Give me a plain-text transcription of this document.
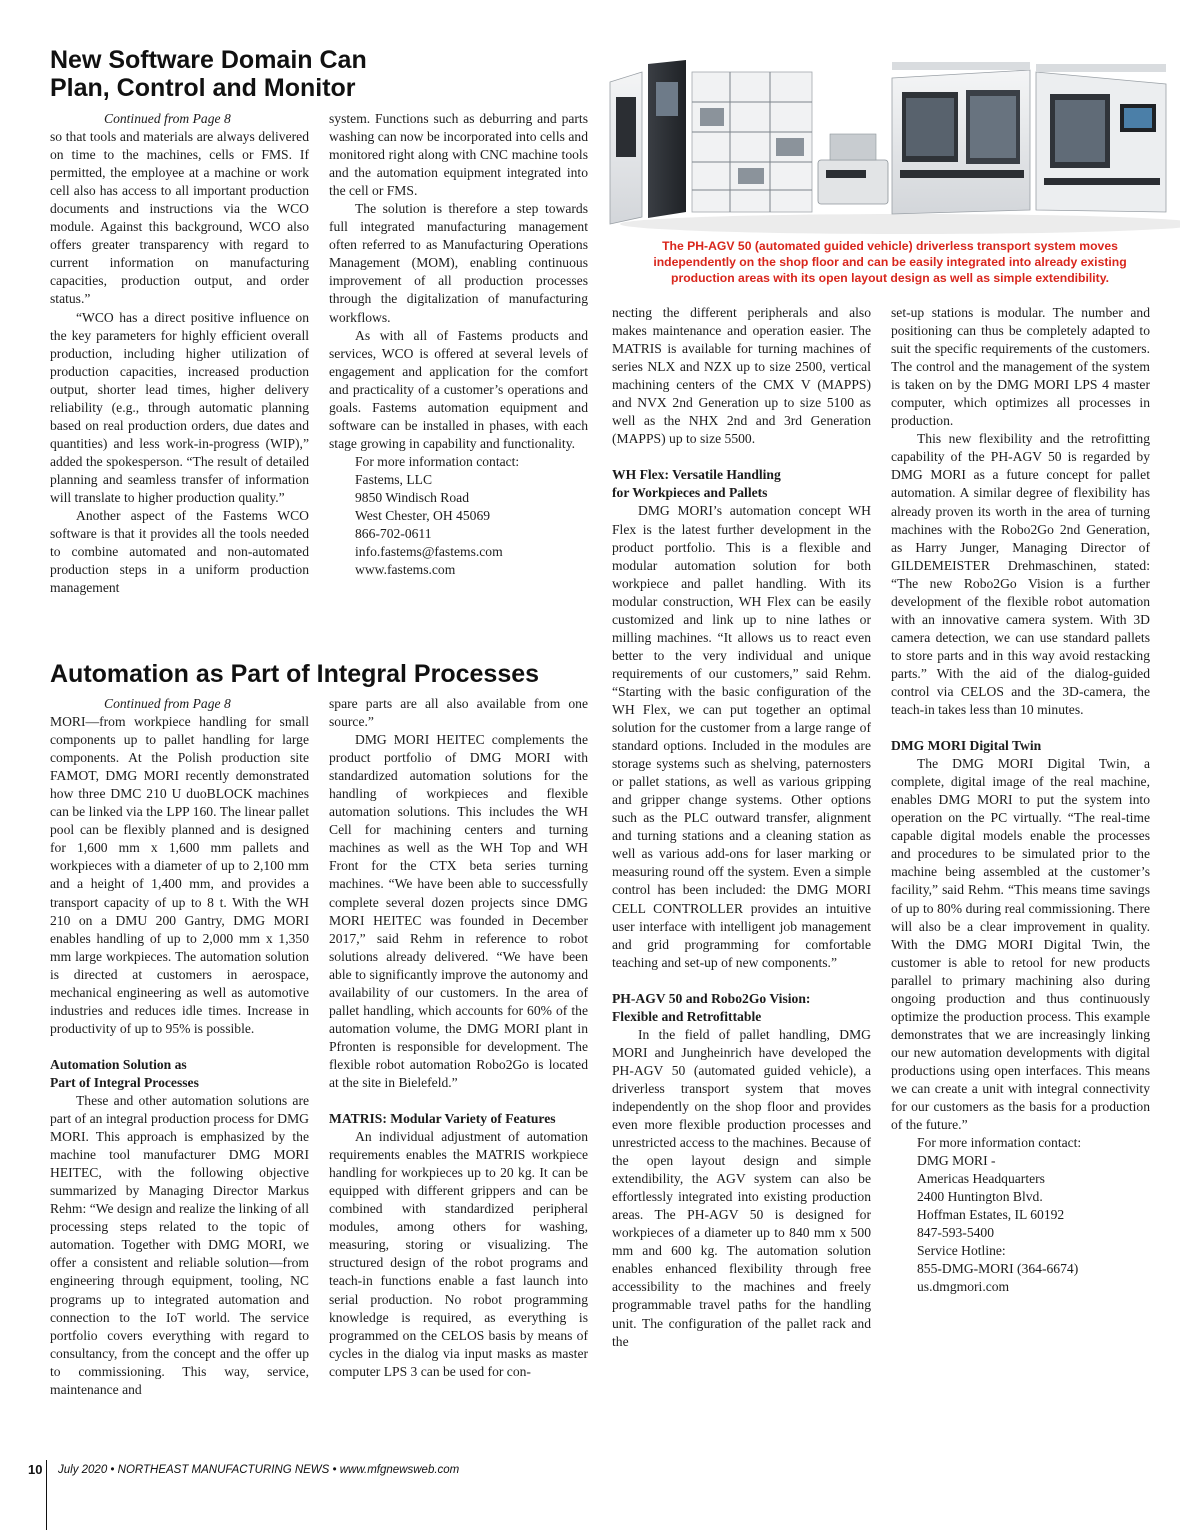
New Software Domain Can
Plan, Control and Monitor

Continued from Page 8

so that tools and materials are always delivered on time to the machines, cells or FMS. If permitted, the employee at a machine or work cell also has access to all important production documents and instructions via the WCO module. Against this background, WCO also offers greater transparency with regard to current information on manufacturing capacities, production output, and order status.”

“WCO has a direct positive influence on the key parameters for highly efficient overall production, including higher utilization of production capacities, increased production output, shorter lead times, higher delivery reliability (e.g., through automatic planning based on real production orders, due dates and quantities) and less work-in-progress (WIP),” added the spokesperson. “The result of detailed planning and seamless transfer of information will translate to higher production quality.”

Another aspect of the Fastems WCO software is that it provides all the tools needed to combine automated and non-automated production steps in a uniform production management

system. Functions such as deburring and parts washing can now be incorporated into cells and monitored right along with CNC machine tools and the automation equipment integrated into the cell or FMS.

The solution is therefore a step towards full integrated manufacturing management often referred to as Manufacturing Operations Management (MOM), enabling continuous improvement of all production processes through the digitalization of manufacturing workflows.

As with all of Fastems products and services, WCO is offered at several levels of engagement and application for the comfort and practicality of a customer’s operations and goals. Fastems automation equipment and software can be installed in phases, with each stage growing in capability and functionality.

For more information contact:
Fastems, LLC
9850 Windisch Road
West Chester, OH 45069
866-702-0611
info.fastems@fastems.com
www.fastems.com
The PH-AGV 50 (automated guided vehicle) driverless transport system moves
independently on the shop floor and can be easily integrated into already existing
production areas with its open layout design as well as simple extendibility.
Automation as Part of Integral Processes

Continued from Page 8

MORI—from workpiece handling for small components up to pallet handling for large components. At the Polish production site FAMOT, DMG MORI recently demonstrated how three DMC 210 U duoBLOCK machines can be linked via the LPP 160. The linear pallet pool can be flexibly planned and is designed for 1,600 mm x 1,600 mm pallets and workpieces with a diameter of up to 2,100 mm and a height of 1,400 mm, and provides a transport capacity of up to 8 t. With the WH 210 on a DMU 200 Gantry, DMG MORI enables handling of up to 2,000 mm x 1,350 mm large workpieces. The automation solution is directed at customers in aerospace, mechanical engineering as well as automotive industries and reduces idle times. Increase in productivity of up to 95% is possible.

Automation Solution as
Part of Integral Processes

These and other automation solutions are part of an integral production process for DMG MORI. This approach is emphasized by the machine tool manufacturer DMG MORI HEITEC, with the following objective summarized by Managing Director Markus Rehm: “We design and realize the linking of all processing steps related to the topic of automation. Together with DMG MORI, we offer a consistent and reliable solution—from engineering through equipment, tooling, NC programs up to integrated automation and connection to the IoT world. The service portfolio covers everything with regard to consultancy, from the concept and the offer up to commissioning. This way, service, maintenance and

spare parts are all also available from one source.”

DMG MORI HEITEC complements the product portfolio of DMG MORI with standardized automation solutions for the handling of workpieces and flexible automation solutions. This includes the WH Cell for machining centers and turning machines as well as the WH Top and WH Front for the CTX beta series turning machines. “We have been able to successfully complete several dozen projects since DMG MORI HEITEC was founded in December 2017,” said Rehm in reference to robot solutions already delivered. “We have been able to significantly improve the autonomy and availability of our customers. In the area of pallet handling, which accounts for 60% of the automation volume, the DMG MORI plant in Pfronten is responsible for development. The flexible robot automation Robo2Go is located at the site in Bielefeld.”

MATRIS: Modular Variety of Features

An individual adjustment of automation requirements enables the MATRIS workpiece handling for workpieces up to 20 kg. It can be equipped with different grippers and can be combined with standardized peripheral modules, among others for washing, measuring, storing or visualizing. The structured design of the robot programs and teach-in functions enable a fast launch into serial production. No robot programming knowledge is required, as everything is programmed on the CELOS basis by means of cycles in the dialog via input masks as master computer LPS 3 can be used for con-

necting the different peripherals and also makes maintenance and operation easier. The MATRIS is available for turning machines of series NLX and NZX up to size 2500, vertical machining centers of the CMX V (MAPPS) and NVX 2nd Generation up to size 5100 as well as the NHX 2nd and 3rd Generation (MAPPS) up to size 5500.

WH Flex: Versatile Handling
for Workpieces and Pallets

DMG MORI’s automation concept WH Flex is the latest further development in the product portfolio. This is a flexible and modular automation solution for both workpiece and pallet handling. With its modular construction, WH Flex can be easily customized and link up to nine lathes or milling machines. “It allows us to react even better to the very individual and unique requirements of our customers,” said Rehm. “Starting with the basic configuration of the WH Flex, we can put together an optimal solution for the customer from a large range of standard options. Included in the modules are storage systems such as shelving, paternosters or pallet stations, as well as various gripping and gripper change systems. Other options such as the PLC outward transfer, alignment and turning stations and a cleaning station as well as various add-ons for laser marking or measuring round off the system. Even a simple control has been included: the DMG MORI CELL CONTROLLER provides an intuitive user interface with intelligent job management and grid programming for comfortable teaching and set-up of new components.”

PH-AGV 50 and Robo2Go Vision:
Flexible and Retrofittable

In the field of pallet handling, DMG MORI and Jungheinrich have developed the PH-AGV 50 (automated guided vehicle), a driverless transport system that moves independently on the shop floor and provides even more flexible production processes and unrestricted access to the machines. Because of the open layout design and simple extendibility, the AGV system can also be effortlessly integrated into existing production areas. The PH-AGV 50 is designed for workpieces of a diameter up to 840 mm x 500 mm and 600 kg. The automation solution enables enhanced flexibility through free accessibility to the machines and freely programmable travel paths for the handling unit. The configuration of the pallet rack and the

set-up stations is modular. The number and positioning can thus be completely adapted to suit the specific requirements of the customers. The control and the management of the system is taken on by the DMG MORI LPS 4 master computer, which optimizes all processes in production.

This new flexibility and the retrofitting capability of the PH-AGV 50 is regarded by DMG MORI as a future concept for pallet automation. A similar degree of flexibility has already proven its worth in the area of turning machines with the Robo2Go 2nd Generation, as Harry Junger, Managing Director of GILDEMEISTER Drehmaschinen, stated: “The new Robo2Go Vision is a further development of the flexible robot automation with an innovative camera system. With 3D camera detection, we can use standard pallets to store parts and in this way avoid restacking parts.” With the aid of the dialog-guided control via CELOS and the 3D-camera, the teach-in takes less than 10 minutes.

DMG MORI Digital Twin

The DMG MORI Digital Twin, a complete, digital image of the real machine, enables DMG MORI to put the system into operation on the PC virtually. “The real-time capable digital models enable the processes and procedures to be simulated prior to the machine being assembled at the customer’s facility,” said Rehm. “This means time savings of up to 80% during real commissioning. There will also be a clear improvement in quality. With the DMG MORI Digital Twin, the customer is able to retool for new products parallel to primary machining also during ongoing production and thus continuously optimize the production process. This example demonstrates that we are increasingly linking our new automation developments with digital productions using open interfaces. This means we can create a unit with integral connectivity for our customers as the basis for a production of the future.”

For more information contact:
DMG MORI -
Americas Headquarters
2400 Huntington Blvd.
Hoffman Estates, IL 60192
847-593-5400
Service Hotline:
855-DMG-MORI (364-6674)
us.dmgmori.com
10 July 2020 • NORTHEAST MANUFACTURING NEWS • www.mfgnewsweb.com
